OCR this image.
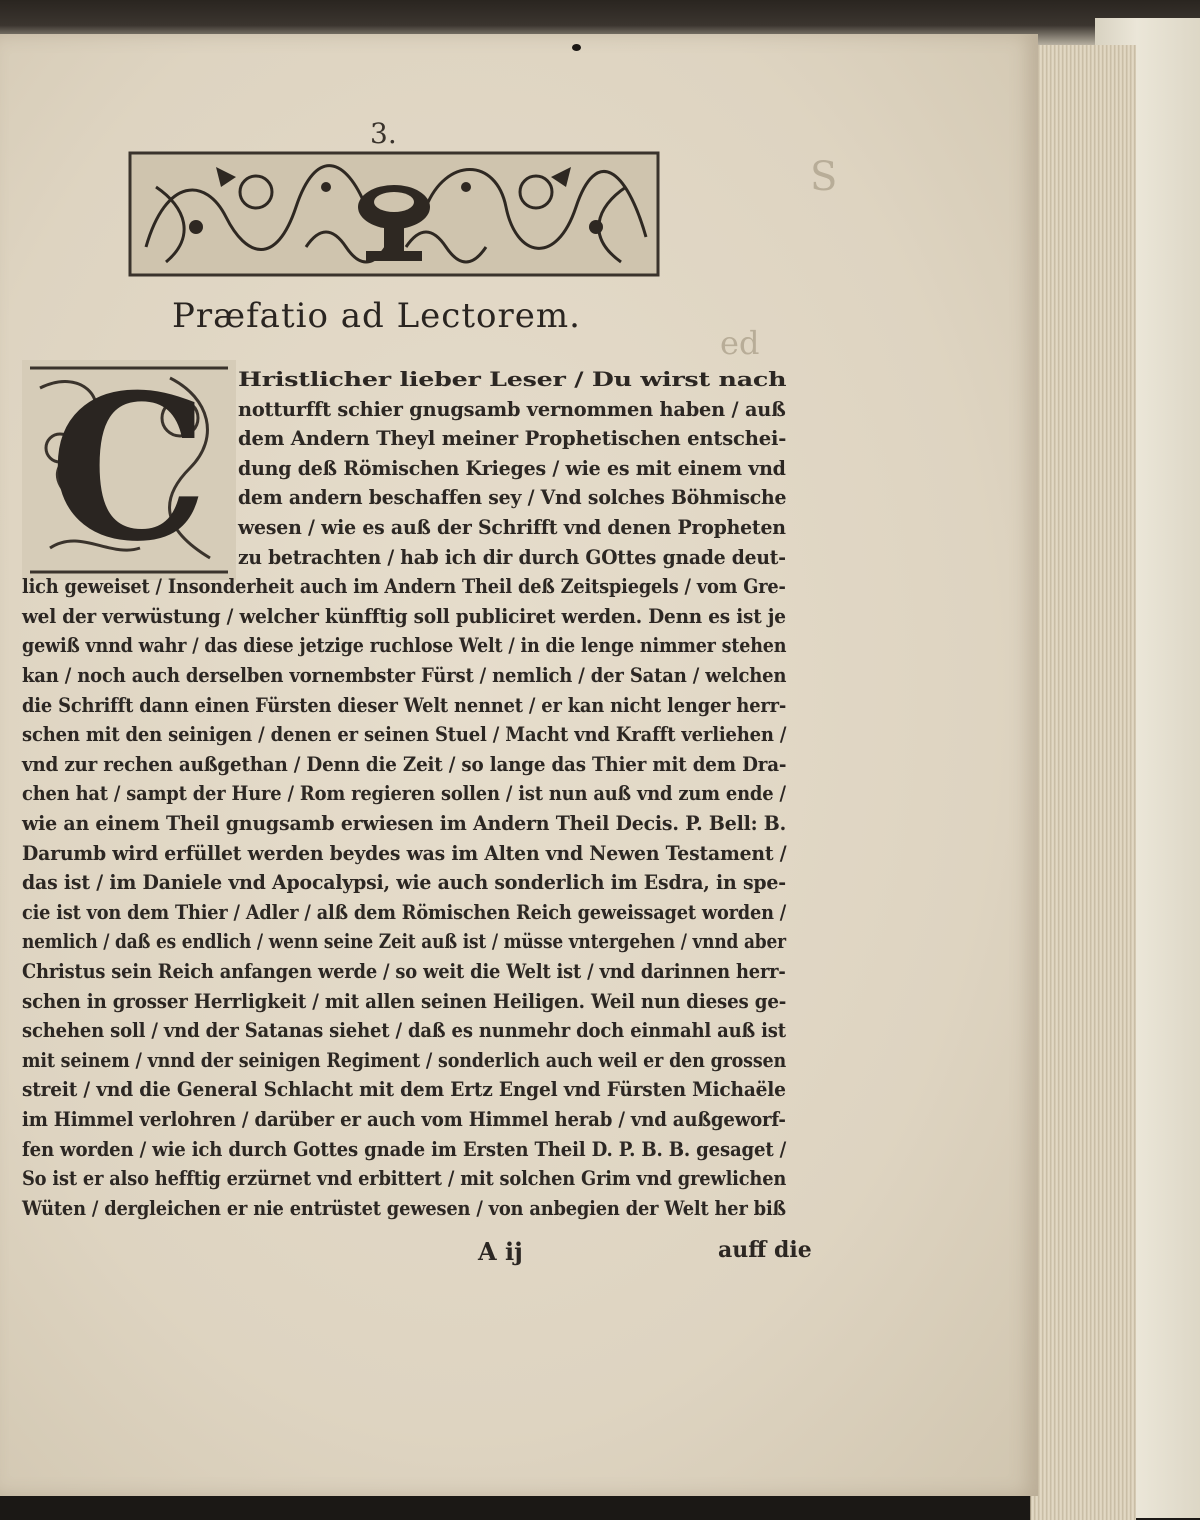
S
ed
3.
Præfatio ad Lectorem.
C Hristlicher lieber Leser / Du wirst nach

notturfft schier gnugsamb vernommen haben / auß

dem Andern Theyl meiner Prophetischen entschei-

dung deß Römischen Krieges / wie es mit einem vnd

dem andern beschaffen sey / Vnd solches Böhmische

wesen / wie es auß der Schrifft vnd denen Propheten

zu betrachten / hab ich dir durch GOttes gnade deut-

lich geweiset / Insonderheit auch im Andern Theil deß Zeitspiegels / vom Gre-

wel der verwüstung / welcher künfftig soll publiciret werden. Denn es ist je

gewiß vnnd wahr / das diese jetzige ruchlose Welt / in die lenge nimmer stehen

kan / noch auch derselben vornembster Fürst / nemlich / der Satan / welchen

die Schrifft dann einen Fürsten dieser Welt nennet / er kan nicht lenger herr-

schen mit den seinigen / denen er seinen Stuel / Macht vnd Krafft verliehen /

vnd zur rechen außgethan / Denn die Zeit / so lange das Thier mit dem Dra-

chen hat / sampt der Hure / Rom regieren sollen / ist nun auß vnd zum ende /

wie an einem Theil gnugsamb erwiesen im Andern Theil Decis. P. Bell: B.

Darumb wird erfüllet werden beydes was im Alten vnd Newen Testament /

das ist / im Daniele vnd Apocalypsi, wie auch sonderlich im Esdra, in spe-

cie ist von dem Thier / Adler / alß dem Römischen Reich geweissaget worden /

nemlich / daß es endlich / wenn seine Zeit auß ist / müsse vntergehen / vnnd aber

Christus sein Reich anfangen werde / so weit die Welt ist / vnd darinnen herr-

schen in grosser Herrligkeit / mit allen seinen Heiligen. Weil nun dieses ge-

schehen soll / vnd der Satanas siehet / daß es nunmehr doch einmahl auß ist

mit seinem / vnnd der seinigen Regiment / sonderlich auch weil er den grossen

streit / vnd die General Schlacht mit dem Ertz Engel vnd Fürsten Michaële

im Himmel verlohren / darüber er auch vom Himmel herab / vnd außgeworf-

fen worden / wie ich durch Gottes gnade im Ersten Theil D. P. B. B. gesaget /

So ist er also hefftig erzürnet vnd erbittert / mit solchen Grim vnd grewlichen

Wüten / dergleichen er nie entrüstet gewesen / von anbegien der Welt her biß

A ij	auff die
